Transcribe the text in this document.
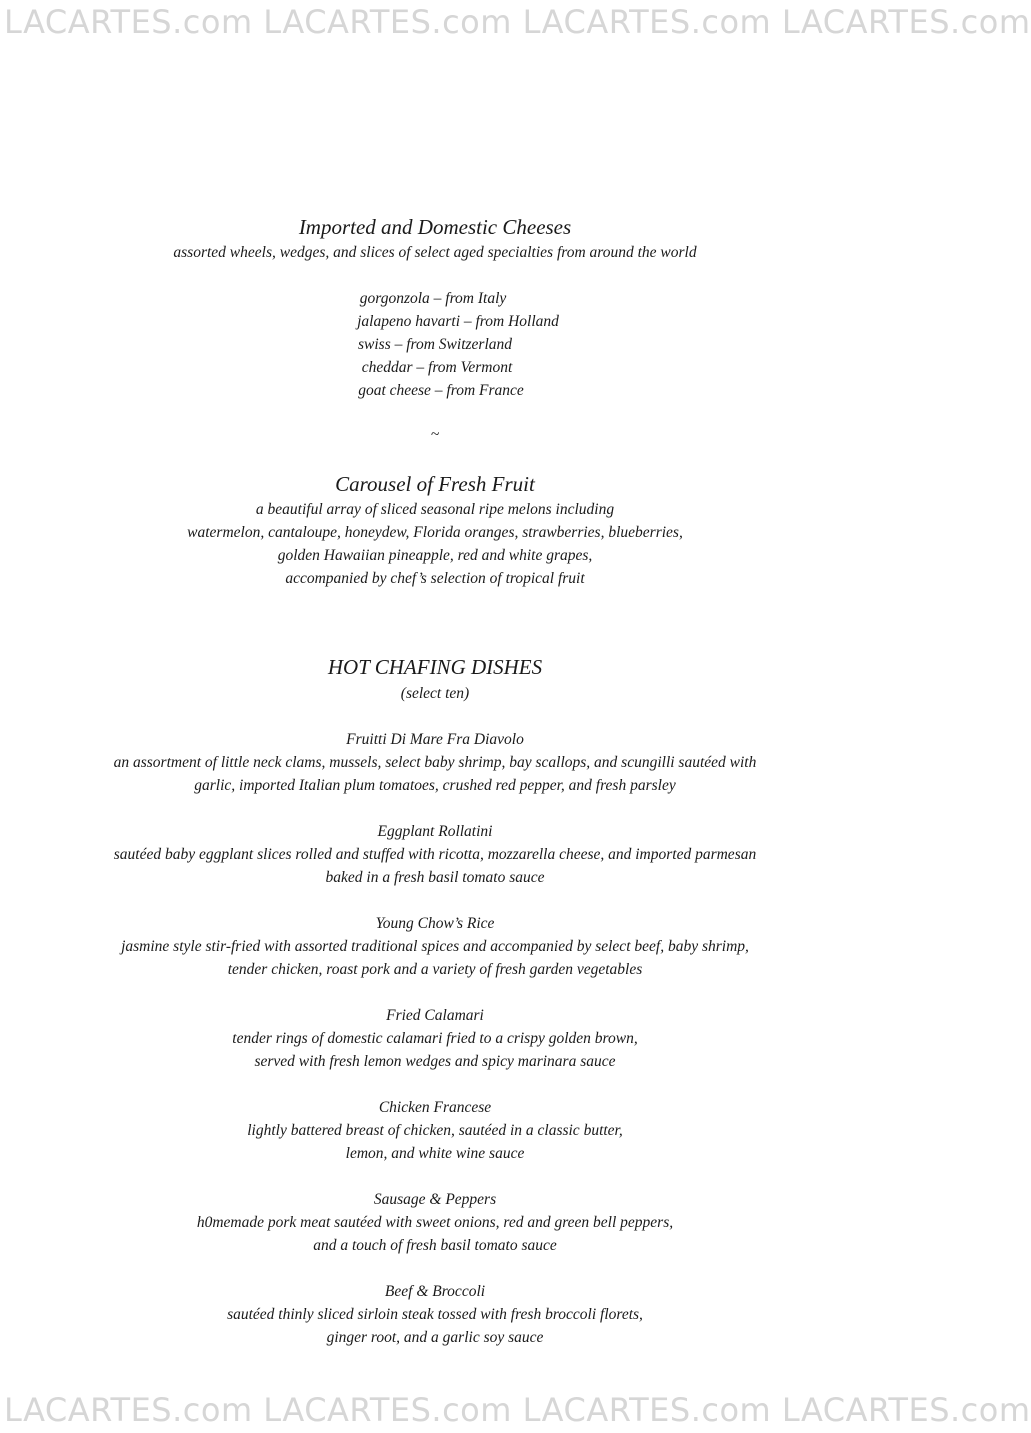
LACARTES.com LACARTES.com LACARTES.com LACARTES.com
Imported and Domestic Cheeses
assorted wheels, wedges, and slices of select aged specialties from around the world
gorgonzola – from Italy
jalapeno havarti – from Holland
swiss – from Switzerland
cheddar – from Vermont
goat cheese – from France
~
Carousel of Fresh Fruit
a beautiful array of sliced seasonal ripe melons including
watermelon, cantaloupe, honeydew, Florida oranges, strawberries, blueberries,
golden Hawaiian pineapple, red and white grapes,
accompanied by chef’s selection of tropical fruit
HOT CHAFING DISHES
(select ten)
Fruitti Di Mare Fra Diavolo
an assortment of little neck clams, mussels, select baby shrimp, bay scallops, and scungilli sautéed with
garlic, imported Italian plum tomatoes, crushed red pepper, and fresh parsley
Eggplant Rollatini
sautéed baby eggplant slices rolled and stuffed with ricotta, mozzarella cheese, and imported parmesan
baked in a fresh basil tomato sauce
Young Chow’s Rice
jasmine style stir-fried with assorted traditional spices and accompanied by select beef, baby shrimp,
tender chicken, roast pork and a variety of fresh garden vegetables
Fried Calamari
tender rings of domestic calamari fried to a crispy golden brown,
served with fresh lemon wedges and spicy marinara sauce
Chicken Francese
lightly battered breast of chicken, sautéed in a classic butter,
lemon, and white wine sauce
Sausage & Peppers
h0memade pork meat sautéed with sweet onions, red and green bell peppers,
and a touch of fresh basil tomato sauce
Beef & Broccoli
sautéed thinly sliced sirloin steak tossed with fresh broccoli florets,
ginger root, and a garlic soy sauce
LACARTES.com LACARTES.com LACARTES.com LACARTES.com
